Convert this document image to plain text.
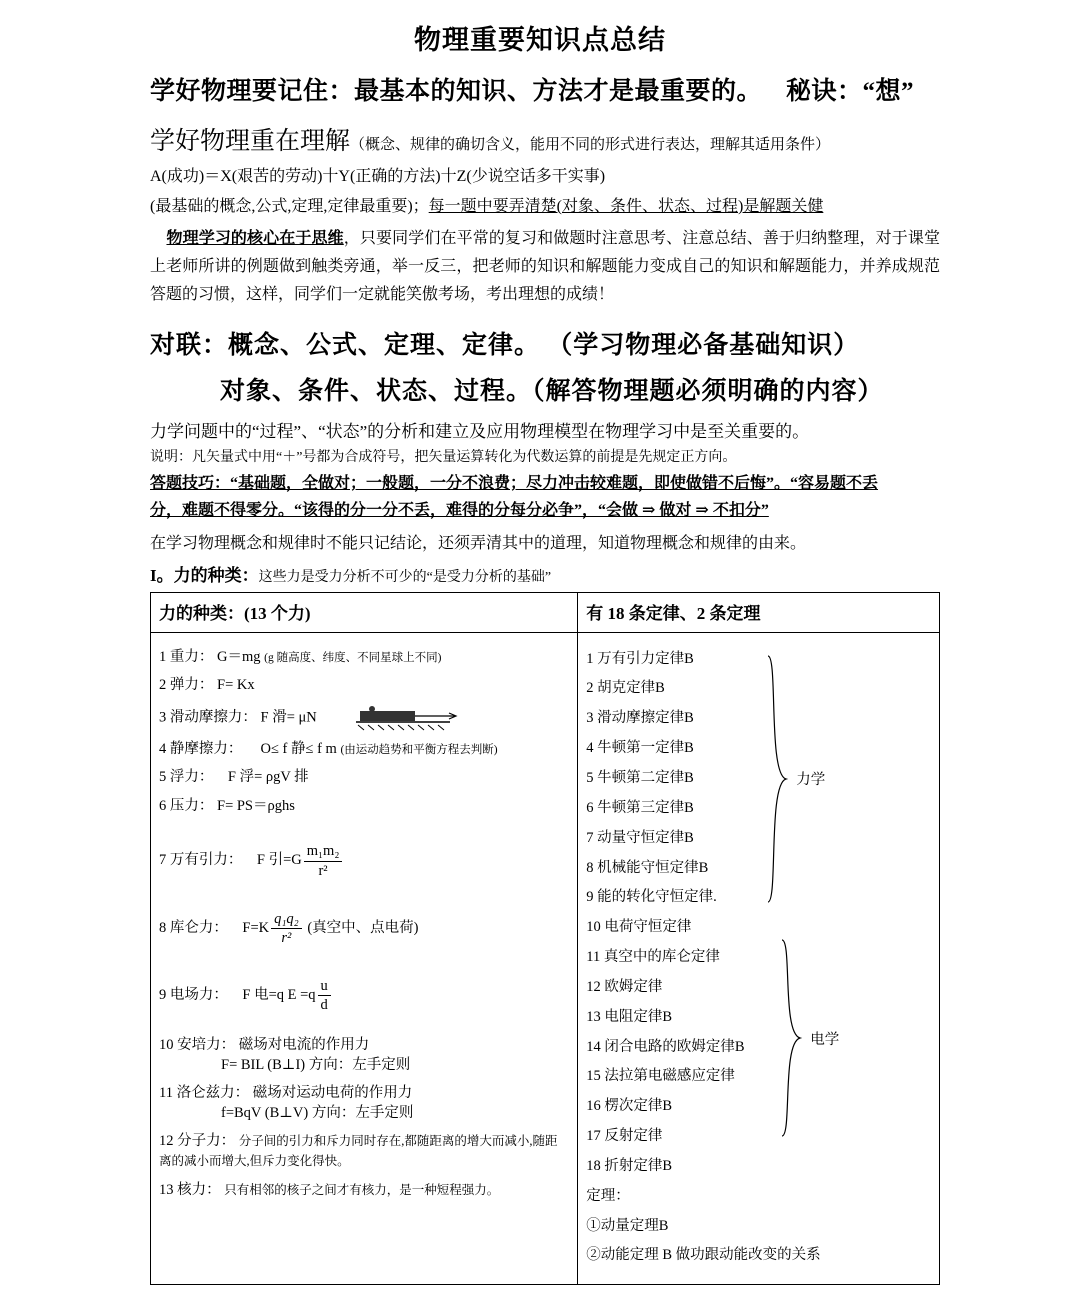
物理重要知识点总结
学好物理要记住：最基本的知识、方法才是最重要的。 秘诀：“想”
学好物理重在理解（概念、规律的确切含义，能用不同的形式进行表达，理解其适用条件）
A(成功)＝X(艰苦的劳动)十Y(正确的方法)十Z(少说空话多干实事)
(最基础的概念,公式,定理,定律最重要)；每一题中要弄清楚(对象、条件、状态、过程)是解题关健
物理学习的核心在于思维，只要同学们在平常的复习和做题时注意思考、注意总结、善于归纳整理，对于课堂上老师所讲的例题做到触类旁通，举一反三，把老师的知识和解题能力变成自己的知识和解题能力，并养成规范答题的习惯，这样，同学们一定就能笑傲考场，考出理想的成绩！
对联：概念、公式、定理、定律。 （学习物理必备基础知识）
对象、条件、状态、过程。（解答物理题必须明确的内容）
力学问题中的“过程”、“状态”的分析和建立及应用物理模型在物理学习中是至关重要的。
说明：凡矢量式中用“＋”号都为合成符号，把矢量运算转化为代数运算的前提是先规定正方向。
答题技巧：“基础题，全做对；一般题，一分不浪费；尽力冲击较难题，即使做错不后悔”。“容易题不丢
分，难题不得零分。“该得的分一分不丢，难得的分每分必争”，“会做 ⇒ 做对 ⇒ 不扣分”
在学习物理概念和规律时不能只记结论，还须弄清其中的道理，知道物理概念和规律的由来。
I。力的种类：这些力是受力分析不可少的“是受力分析的基础”
力的种类：(13 个力)	有 18 条定律、2 条定理

1 重力： G＝mg (g 随高度、纬度、不同星球上不同)
2 弹力： F= Kx
3 滑动摩擦力： F 滑= μN
4 静摩擦力： O≤ f 静≤ f m (由运动趋势和平衡方程去判断)
5 浮力： F 浮= ρgV 排
6 压力： F= PS＝ρghs
7 万有引力： F 引$=G \frac{\text{m₁m₂}}{\text{r²}}$
8 库仑力： $F=K \frac{\text{q₁q₂}}{\text{r²}}$ (真空中、点电荷)
9 电场力： F 电=q $E =q \frac{u}{d}$
10 安培力： 磁场对电流的作用力
F= BIL (B⊥I) 方向：左手定则
11 洛仑兹力： 磁场对运动电荷的作用力
f=BqV (B⊥V) 方向：左手定则
12 分子力： 分子间的引力和斥力同时存在,都随距离的增大而减小,随距离的减小而增大,但斥力变化得快。
13 核力： 只有相邻的核子之间才有核力，是一种短程强力。

1 万有引力定律B
2 胡克定律B
3 滑动摩擦定律B
4 牛顿第一定律B
5 牛顿第二定律B
6 牛顿第三定律B
7 动量守恒定律B
8 机械能守恒定律B
9 能的转化守恒定律.
力学
10 电荷守恒定律
11 真空中的库仑定律
12 欧姆定律
13 电阻定律B
14 闭合电路的欧姆定律B
15 法拉第电磁感应定律
16 楞次定律B
电学
17 反射定律
18 折射定律B
定理：
①动量定理B
②动能定理 B 做功跟动能改变的关系
